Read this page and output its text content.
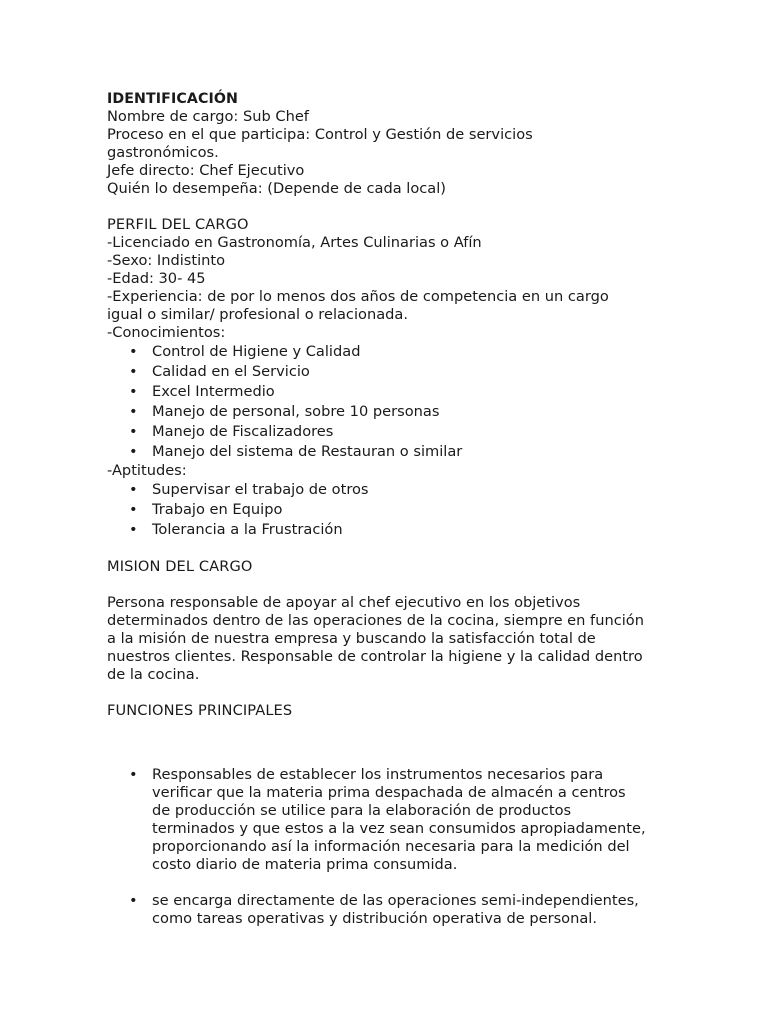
IDENTIFICACIÓN
Nombre de cargo: Sub Chef
Proceso en el que participa: Control y Gestión de servicios
gastronómicos.
Jefe directo: Chef Ejecutivo
Quién lo desempeña: (Depende de cada local)
PERFIL DEL CARGO
-Licenciado en Gastronomía, Artes Culinarias o Afín
-Sexo: Indistinto
-Edad: 30- 45
-Experiencia: de por lo menos dos años de competencia en un cargo
igual o similar/ profesional o relacionada.
-Conocimientos:
• Control de Higiene y Calidad
• Calidad en el Servicio
• Excel Intermedio
• Manejo de personal, sobre 10 personas
• Manejo de Fiscalizadores
• Manejo del sistema de Restauran o similar
-Aptitudes:
• Supervisar el trabajo de otros
• Trabajo en Equipo
• Tolerancia a la Frustración
MISION DEL CARGO
Persona responsable de apoyar al chef ejecutivo en los objetivos
determinados dentro de las operaciones de la cocina, siempre en función
a la misión de nuestra empresa y buscando la satisfacción total de
nuestros clientes. Responsable de controlar la higiene y la calidad dentro
de la cocina.
FUNCIONES PRINCIPALES
• Responsables de establecer los instrumentos necesarios para
verificar que la materia prima despachada de almacén a centros
de producción se utilice para la elaboración de productos
terminados y que estos a la vez sean consumidos apropiadamente,
proporcionando así la información necesaria para la medición del
costo diario de materia prima consumida.
• se encarga directamente de las operaciones semi-independientes,
como tareas operativas y distribución operativa de personal.
